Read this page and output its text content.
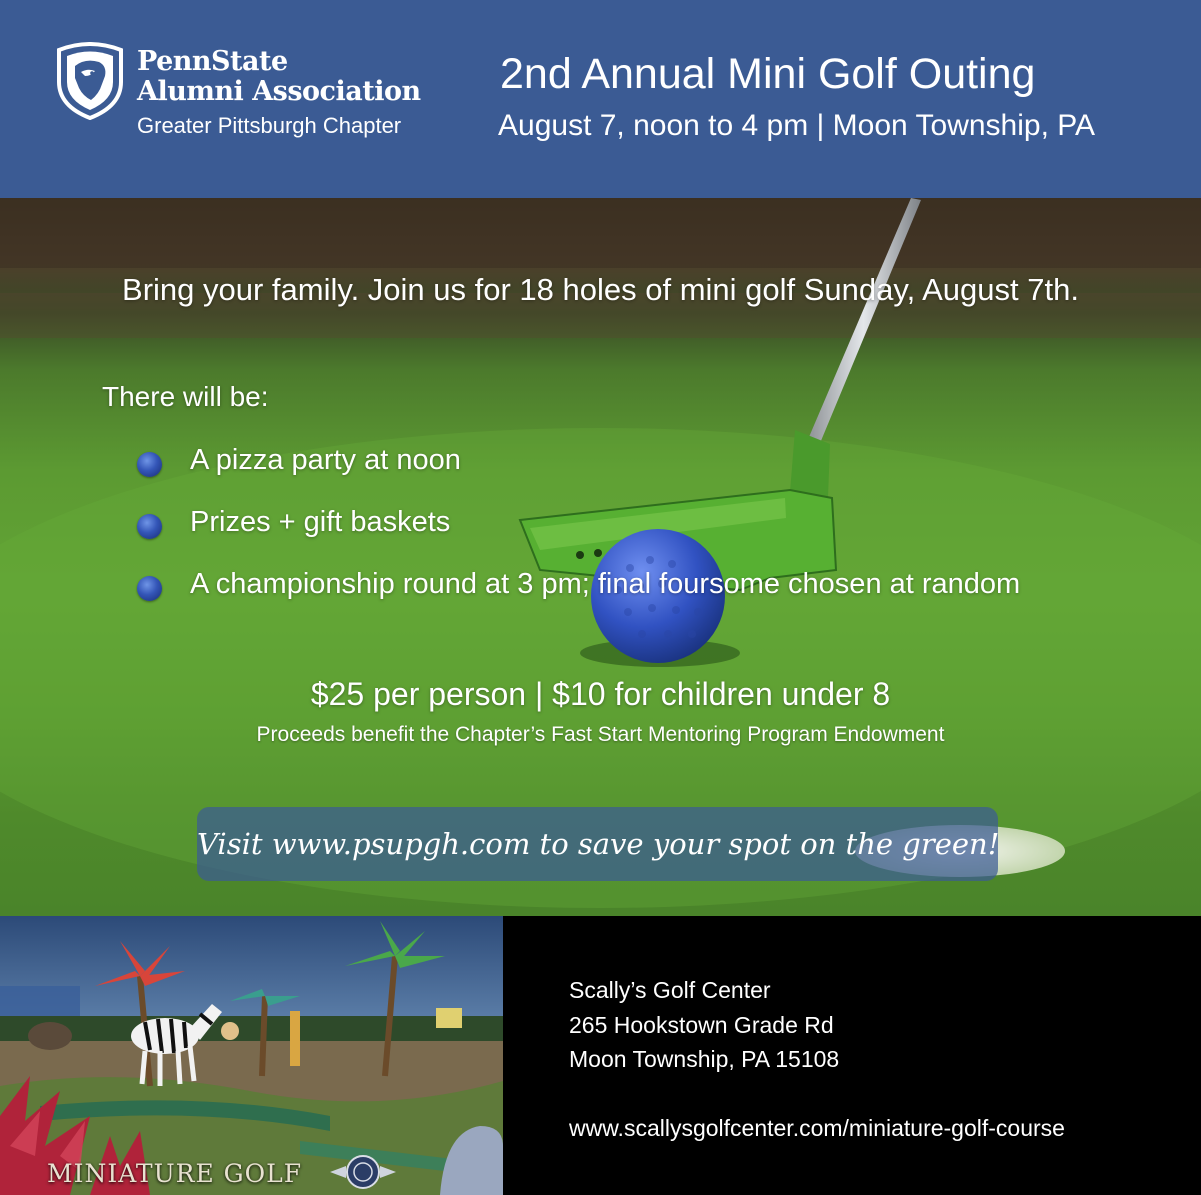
PennState
Alumni Association
Greater Pittsburgh Chapter
2nd Annual Mini Golf Outing
August 7, noon to 4 pm | Moon Township, PA
Bring your family. Join us for 18 holes of mini golf Sunday, August 7th.
There will be:
A pizza party at noon
Prizes + gift baskets
A championship round at 3 pm; final foursome chosen at random
$25 per person | $10 for children under 8
Proceeds benefit the Chapter’s Fast Start Mentoring Program Endowment
Visit www.psupgh.com to save your spot on the green!
MINIATURE GOLF
Scally’s Golf Center
265 Hookstown Grade Rd
Moon Township, PA 15108
www.scallysgolfcenter.com/miniature-golf-course
